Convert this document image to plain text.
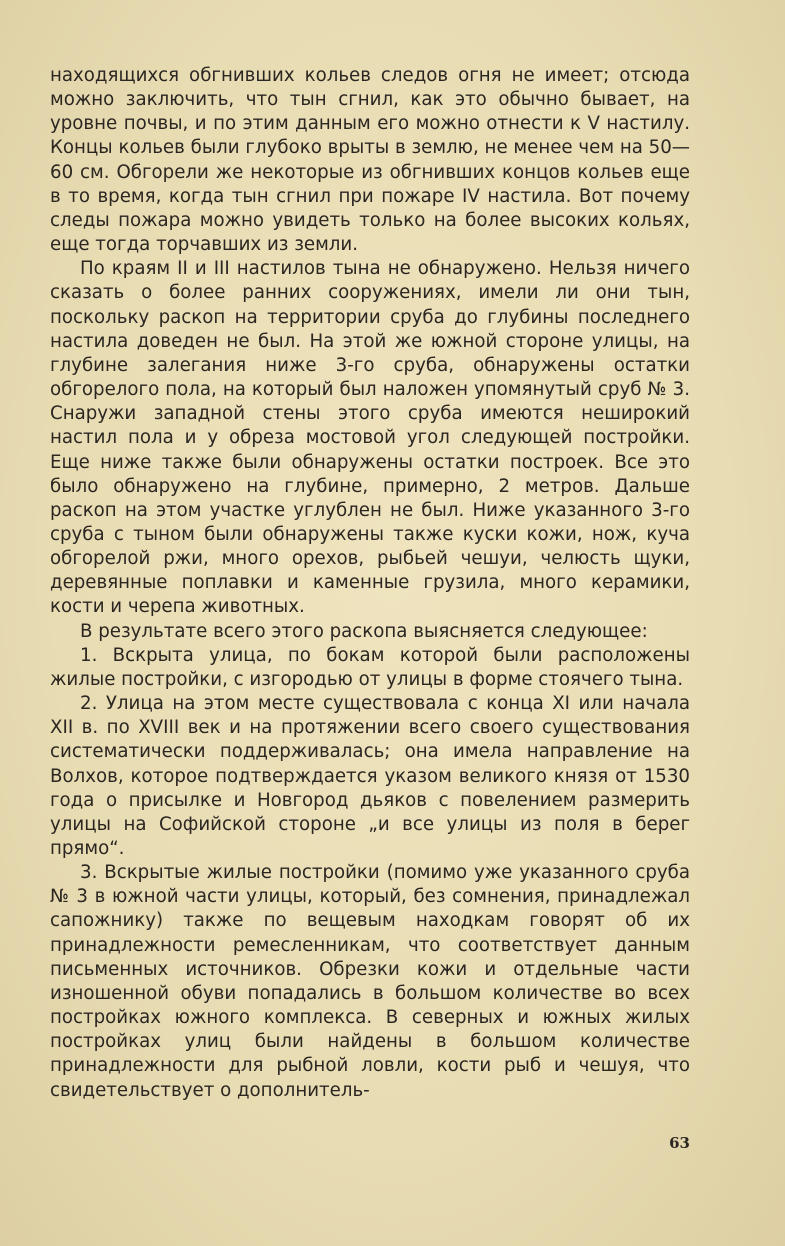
находящихся обгнивших кольев следов огня не имеет; отсюда можно заключить, что тын сгнил, как это обычно бывает, на уровне почвы, и по этим данным его можно отнести к V настилу. Концы кольев были глубоко врыты в землю, не менее чем на 50—60 см. Обгорели же некоторые из обгнивших концов кольев еще в то время, когда тын сгнил при пожаре IV настила. Вот почему следы пожара можно увидеть только на более высоких кольях, еще тогда торчавших из земли.

По краям II и III настилов тына не обнаружено. Нельзя ничего сказать о более ранних сооружениях, имели ли они тын, поскольку раскоп на территории сруба до глубины последнего настила доведен не был. На этой же южной стороне улицы, на глубине залегания ниже 3-го сруба, обнаружены остатки обгорелого пола, на который был наложен упомянутый сруб № 3. Снаружи западной стены этого сруба имеются неширокий настил пола и у обреза мостовой угол следующей постройки. Еще ниже также были обнаружены остатки построек. Все это было обнаружено на глубине, примерно, 2 метров. Дальше раскоп на этом участке углублен не был. Ниже указанного 3-го сруба с тыном были обнаружены также куски кожи, нож, куча обгорелой ржи, много орехов, рыбьей чешуи, челюсть щуки, деревянные поплавки и каменные грузила, много керамики, кости и черепа животных.

В результате всего этого раскопа выясняется следующее:

1. Вскрыта улица, по бокам которой были расположены жилые постройки, с изгородью от улицы в форме стоячего тына.

2. Улица на этом месте существовала с конца XI или начала XII в. по XVIII век и на протяжении всего своего существования систематически поддерживалась; она имела направление на Волхов, которое подтверждается указом великого князя от 1530 года о присылке и Новгород дьяков с повелением размерить улицы на Софийской стороне „и все улицы из поля в берег прямо“.

3. Вскрытые жилые постройки (помимо уже указанного сруба № 3 в южной части улицы, который, без сомнения, принадлежал сапожнику) также по вещевым находкам говорят об их принадлежности ремесленникам, что соответствует данным письменных источников. Обрезки кожи и отдельные части изношенной обуви попадались в большом количестве во всех постройках южного комплекса. В северных и южных жилых постройках улиц были найдены в большом количестве принадлежности для рыбной ловли, кости рыб и чешуя, что свидетельствует о дополнитель-

63
